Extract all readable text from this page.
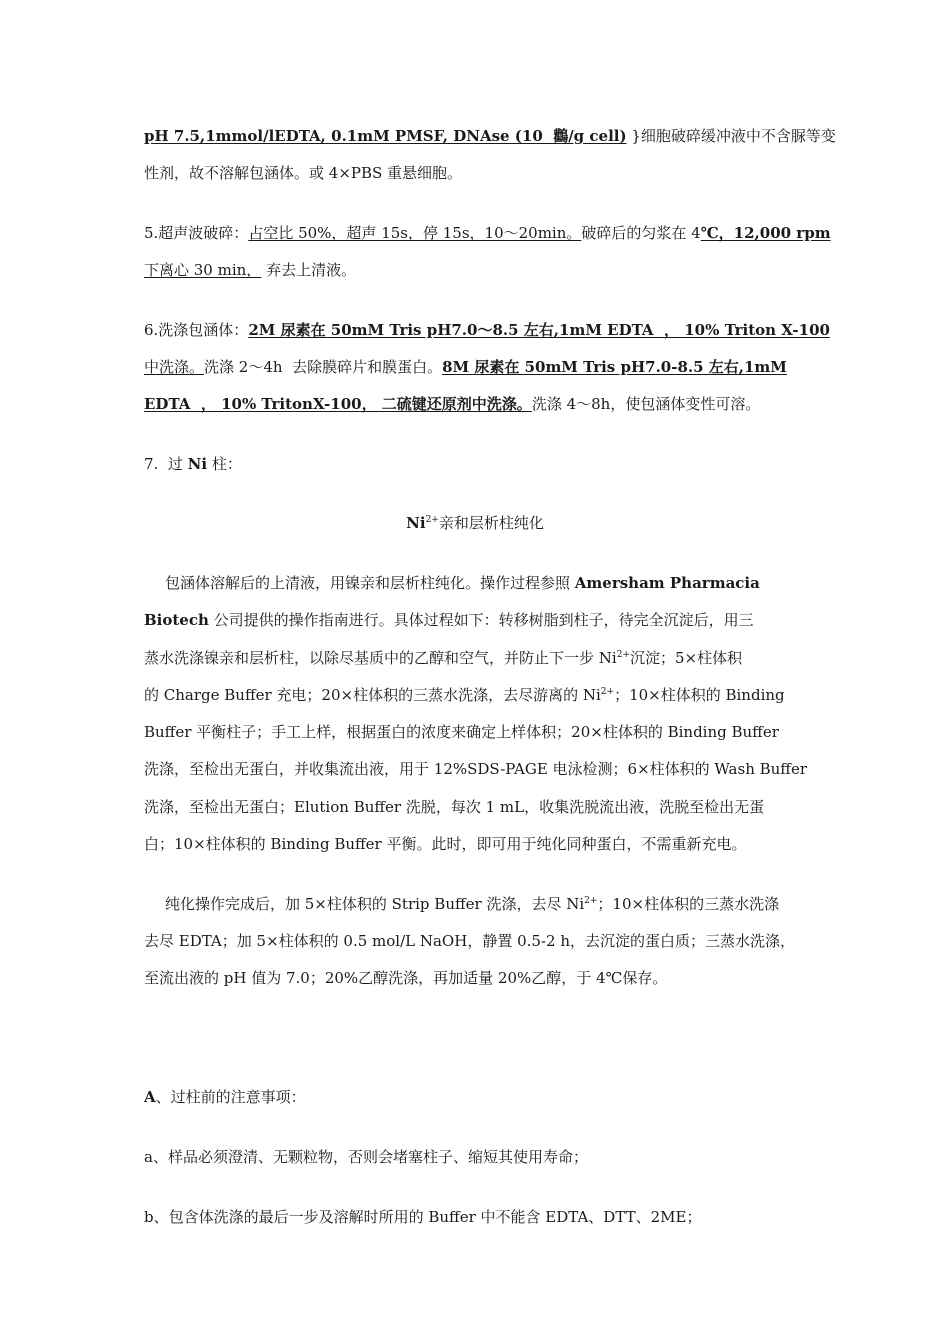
pH 7.5,1mmol/lEDTA, 0.1mM PMSF, DNAse (10  鸛/g cell) }细胞破碎缓冲液中不含脲等变
性剂，故不溶解包涵体。或 4×PBS 重悬细胞。
5.超声波破碎：占空比 50%，超声 15s，停 15s，10～20min。破碎后的匀浆在 4℃，12,000 rpm
下离心 30 min， 弃去上清液。
6.洗涤包涵体：2M 尿素在 50mM Tris pH7.0～8.5 左右,1mM EDTA  ， 10% Triton X-100
中洗涤。洗涤 2～4h  去除膜碎片和膜蛋白。8M 尿素在 50mM Tris pH7.0-8.5 左右,1mM
EDTA  ， 10% TritonX-100， 二硫键还原剂中洗涤。洗涤 4～8h，使包涵体变性可溶。
7.  过 Ni 柱：
$Ni^{2+}$亲和层析柱纯化
包涵体溶解后的上清液，用镍亲和层析柱纯化。操作过程参照 Amersham Pharmacia
Biotech 公司提供的操作指南进行。具体过程如下：转移树脂到柱子，待完全沉淀后，用三
蒸水洗涤镍亲和层析柱，以除尽基质中的乙醇和空气，并防止下一步 $Ni^{2+}$沉淀；5×柱体积
的 Charge Buffer 充电；20×柱体积的三蒸水洗涤，去尽游离的 $Ni^{2+}$；10×柱体积的 Binding
Buffer 平衡柱子；手工上样，根据蛋白的浓度来确定上样体积；20×柱体积的 Binding Buffer
洗涤，至检出无蛋白，并收集流出液，用于 12%SDS-PAGE 电泳检测；6×柱体积的 Wash Buffer
洗涤，至检出无蛋白；Elution Buffer 洗脱，每次 1 mL，收集洗脱流出液，洗脱至检出无蛋
白；10×柱体积的 Binding Buffer 平衡。此时，即可用于纯化同种蛋白，不需重新充电。
纯化操作完成后，加 5×柱体积的 Strip Buffer 洗涤，去尽 $Ni^{2+}$；10×柱体积的三蒸水洗涤
去尽 EDTA；加 5×柱体积的 0.5 mol/L NaOH，静置 0.5-2 h，去沉淀的蛋白质；三蒸水洗涤，
至流出液的 pH 值为 7.0；20%乙醇洗涤，再加适量 20%乙醇，于 4℃保存。
A、过柱前的注意事项：
a、样品必须澄清、无颗粒物，否则会堵塞柱子、缩短其使用寿命；
b、包含体洗涤的最后一步及溶解时所用的 Buffer 中不能含 EDTA、DTT、2ME；
